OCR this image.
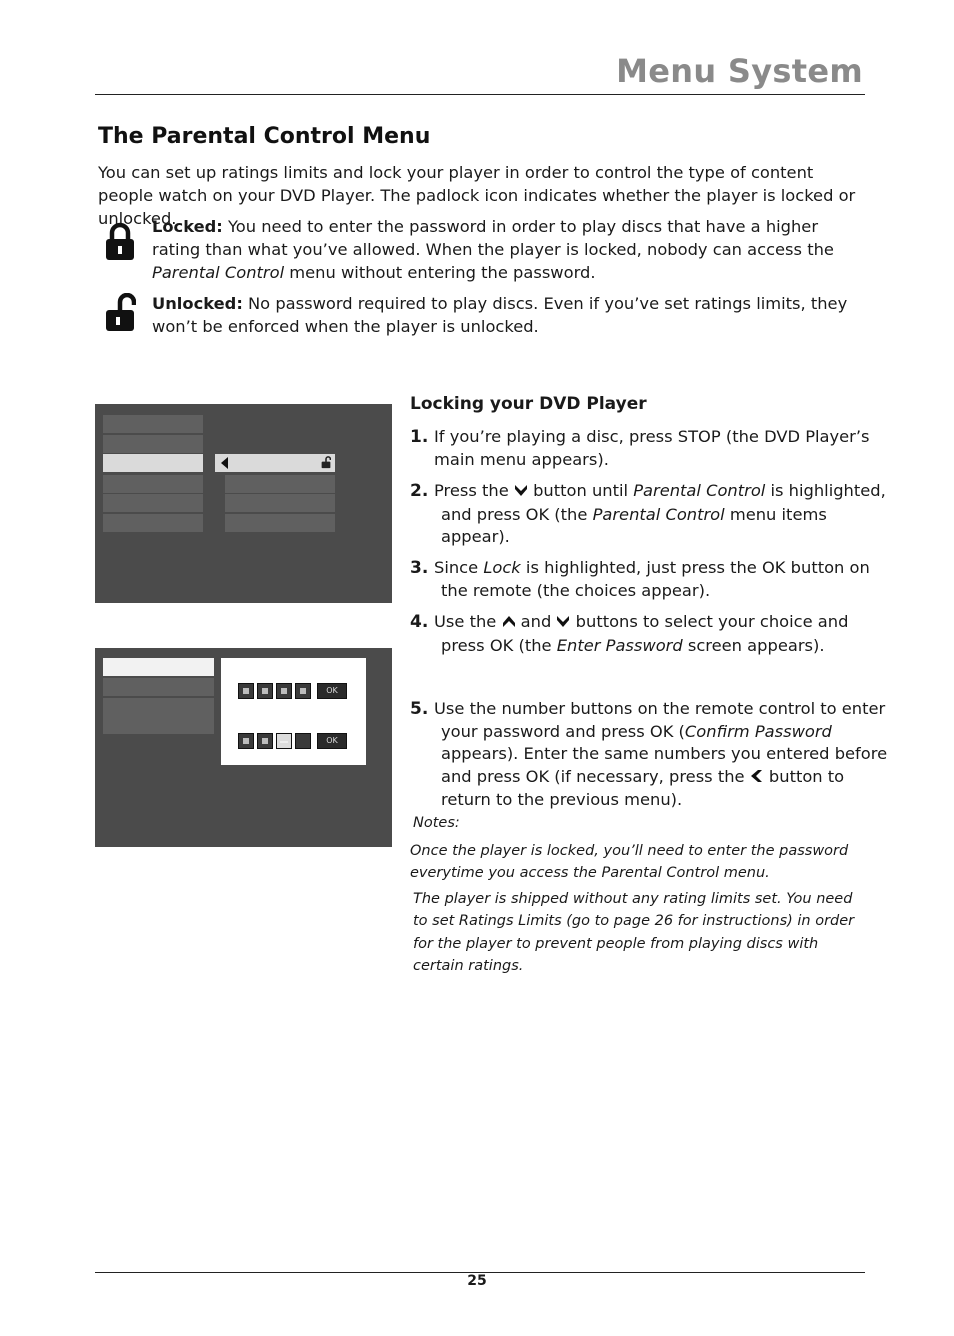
Menu System
The Parental Control Menu
You can set up ratings limits and lock your player in order to control the type of content people watch on your DVD Player. The padlock icon indicates whether the player is locked or unlocked.
Locked: You need to enter the password in order to play discs that have a higher rating than what you’ve allowed. When the player is locked, nobody can access the Parental Control menu without entering the password.
Unlocked: No password required to play discs. Even if you’ve set ratings limits, they won’t be enforced when the player is unlocked.
OK
OK
Locking your DVD Player
1. If you’re playing a disc, press STOP (the DVD Player’s main menu appears).
2. Press the  button until Parental Control is highlighted, and press OK (the Parental Control menu items appear).
3. Since Lock is highlighted, just press the OK button on the remote (the choices appear).
4. Use the  and  buttons to select your choice and press OK (the Enter Password screen appears).
5. Use the number buttons on the remote control to enter your password and press OK (Confirm Password appears). Enter the same numbers you entered before and press OK (if necessary, press the  button to return to the previous menu).
Notes:
Once the player is locked, you’ll need to enter the password everytime you access the Parental Control menu.
The player is shipped without any rating limits set. You need to set Ratings Limits (go to page 26 for instructions) in order for the player to prevent people from playing discs with certain ratings.
25
